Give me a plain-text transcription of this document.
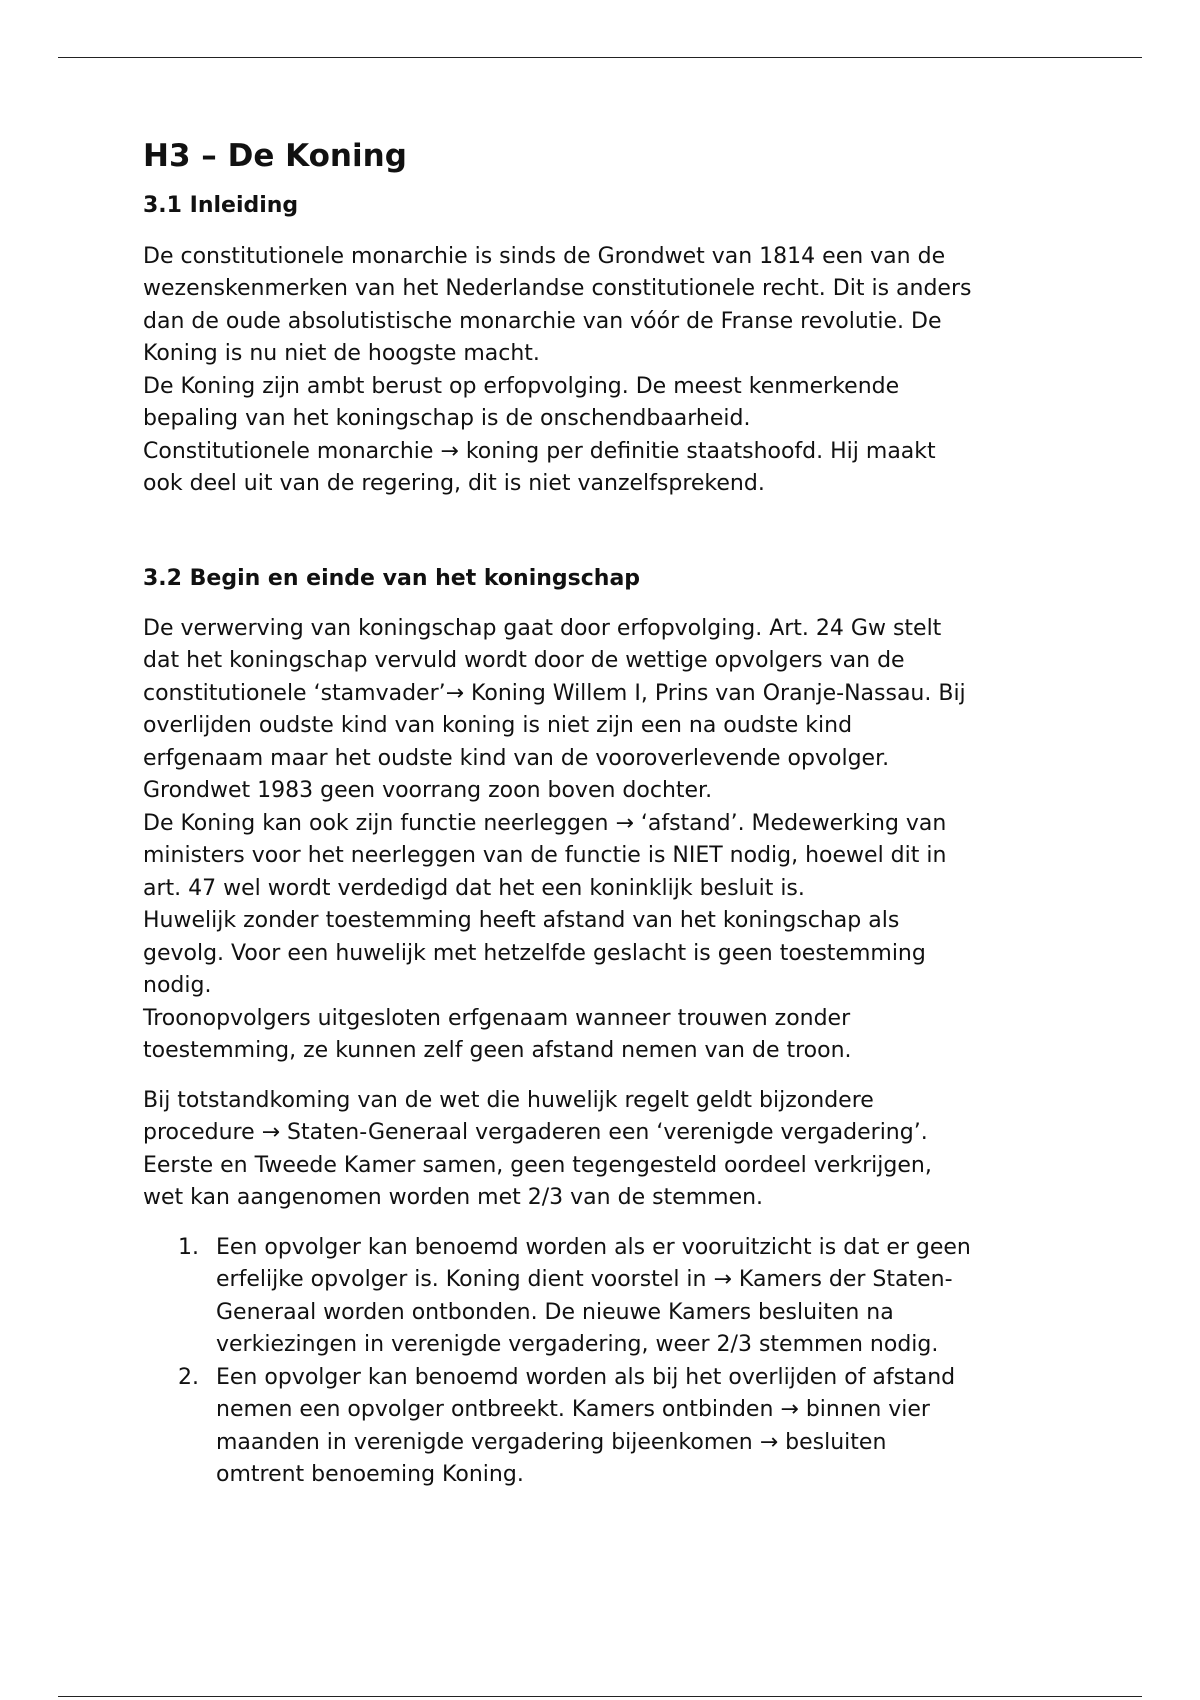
H3 – De Koning
3.1 Inleiding

De constitutionele monarchie is sinds de Grondwet van 1814 een van de
wezenskenmerken van het Nederlandse constitutionele recht. Dit is anders
dan de oude absolutistische monarchie van vóór de Franse revolutie. De
Koning is nu niet de hoogste macht.
De Koning zijn ambt berust op erfopvolging. De meest kenmerkende
bepaling van het koningschap is de onschendbaarheid.
Constitutionele monarchie → koning per definitie staatshoofd. Hij maakt
ook deel uit van de regering, dit is niet vanzelfsprekend.

3.2 Begin en einde van het koningschap

De verwerving van koningschap gaat door erfopvolging. Art. 24 Gw stelt
dat het koningschap vervuld wordt door de wettige opvolgers van de
constitutionele ‘stamvader’→ Koning Willem I, Prins van Oranje-Nassau. Bij
overlijden oudste kind van koning is niet zijn een na oudste kind
erfgenaam maar het oudste kind van de vooroverlevende opvolger.
Grondwet 1983 geen voorrang zoon boven dochter.
De Koning kan ook zijn functie neerleggen → ‘afstand’. Medewerking van
ministers voor het neerleggen van de functie is NIET nodig, hoewel dit in
art. 47 wel wordt verdedigd dat het een koninklijk besluit is.
Huwelijk zonder toestemming heeft afstand van het koningschap als
gevolg. Voor een huwelijk met hetzelfde geslacht is geen toestemming
nodig.
Troonopvolgers uitgesloten erfgenaam wanneer trouwen zonder
toestemming, ze kunnen zelf geen afstand nemen van de troon.

Bij totstandkoming van de wet die huwelijk regelt geldt bijzondere
procedure → Staten-Generaal vergaderen een ‘verenigde vergadering’.
Eerste en Tweede Kamer samen, geen tegengesteld oordeel verkrijgen,
wet kan aangenomen worden met 2/3 van de stemmen.

1. Een opvolger kan benoemd worden als er vooruitzicht is dat er geen
erfelijke opvolger is. Koning dient voorstel in → Kamers der Staten-
Generaal worden ontbonden. De nieuwe Kamers besluiten na
verkiezingen in verenigde vergadering, weer 2/3 stemmen nodig.
2. Een opvolger kan benoemd worden als bij het overlijden of afstand
nemen een opvolger ontbreekt. Kamers ontbinden → binnen vier
maanden in verenigde vergadering bijeenkomen → besluiten
omtrent benoeming Koning.
